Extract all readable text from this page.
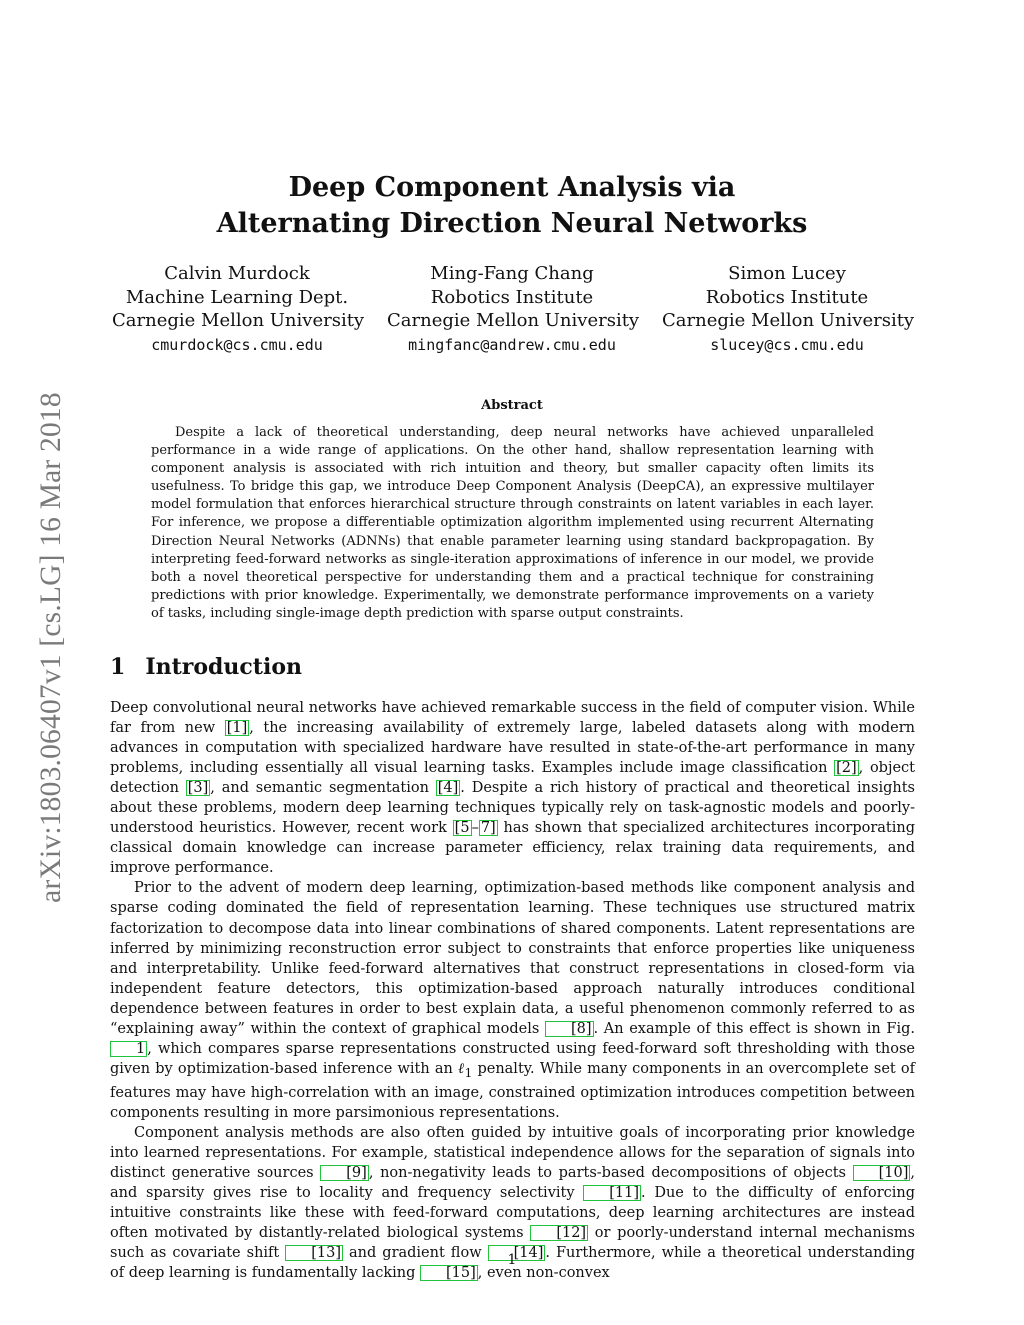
arXiv:1803.06407v1 [cs.LG] 16 Mar 2018
Deep Component Analysis via
Alternating Direction Neural Networks
Calvin Murdock
Machine Learning Dept.
Carnegie Mellon University
cmurdock@cs.cmu.edu
Ming-Fang Chang
Robotics Institute
Carnegie Mellon University
mingfanc@andrew.cmu.edu
Simon Lucey
Robotics Institute
Carnegie Mellon University
slucey@cs.cmu.edu
Abstract

Despite a lack of theoretical understanding, deep neural networks have achieved unparalleled performance in a wide range of applications. On the other hand, shallow representation learning with component analysis is associated with rich intuition and theory, but smaller capacity often limits its usefulness. To bridge this gap, we introduce Deep Component Analysis (DeepCA), an expressive multilayer model formulation that enforces hierarchical structure through constraints on latent variables in each layer. For inference, we propose a differentiable optimization algorithm implemented using recurrent Alternating Direction Neural Networks (ADNNs) that enable parameter learning using standard backpropagation. By interpreting feed-forward networks as single-iteration approximations of inference in our model, we provide both a novel theoretical perspective for understanding them and a practical technique for constraining predictions with prior knowledge. Experimentally, we demonstrate performance improvements on a variety of tasks, including single-image depth prediction with sparse output constraints.

1 Introduction

Deep convolutional neural networks have achieved remarkable success in the field of computer vision. While far from new [1] , the increasing availability of extremely large, labeled datasets along with modern advances in computation with specialized hardware have resulted in state-of-the-art performance in many problems, including essentially all visual learning tasks. Examples include image classification [2] , object detection [3] , and semantic segmentation [4] . Despite a rich history of practical and theoretical insights about these problems, modern deep learning techniques typically rely on task-agnostic models and poorly-understood heuristics. However, recent work [5 – 7] has shown that specialized architectures incorporating classical domain knowledge can increase parameter efficiency, relax training data requirements, and improve performance.

Prior to the advent of modern deep learning, optimization-based methods like component analysis and sparse coding dominated the field of representation learning. These techniques use structured matrix factorization to decompose data into linear combinations of shared components. Latent representations are inferred by minimizing reconstruction error subject to constraints that enforce properties like uniqueness and interpretability. Unlike feed-forward alternatives that construct representations in closed-form via independent feature detectors, this optimization-based approach naturally introduces conditional dependence between features in order to best explain data, a useful phenomenon commonly referred to as “explaining away” within the context of graphical models [8] . An example of this effect is shown in Fig. 1 , which compares sparse representations constructed using feed-forward soft thresholding with those given by optimization-based inference with an ℓ$_1$ penalty. While many components in an overcomplete set of features may have high-correlation with an image, constrained optimization introduces competition between components resulting in more parsimonious representations.

Component analysis methods are also often guided by intuitive goals of incorporating prior knowledge into learned representations. For example, statistical independence allows for the separation of signals into distinct generative sources [9] , non-negativity leads to parts-based decompositions of objects [10] , and sparsity gives rise to locality and frequency selectivity [11] . Due to the difficulty of enforcing intuitive constraints like these with feed-forward computations, deep learning architectures are instead often motivated by distantly-related biological systems [12] or poorly-understand internal mechanisms such as covariate shift [13] and gradient flow [14] . Furthermore, while a theoretical understanding of deep learning is fundamentally lacking [15] , even non-convex

1
